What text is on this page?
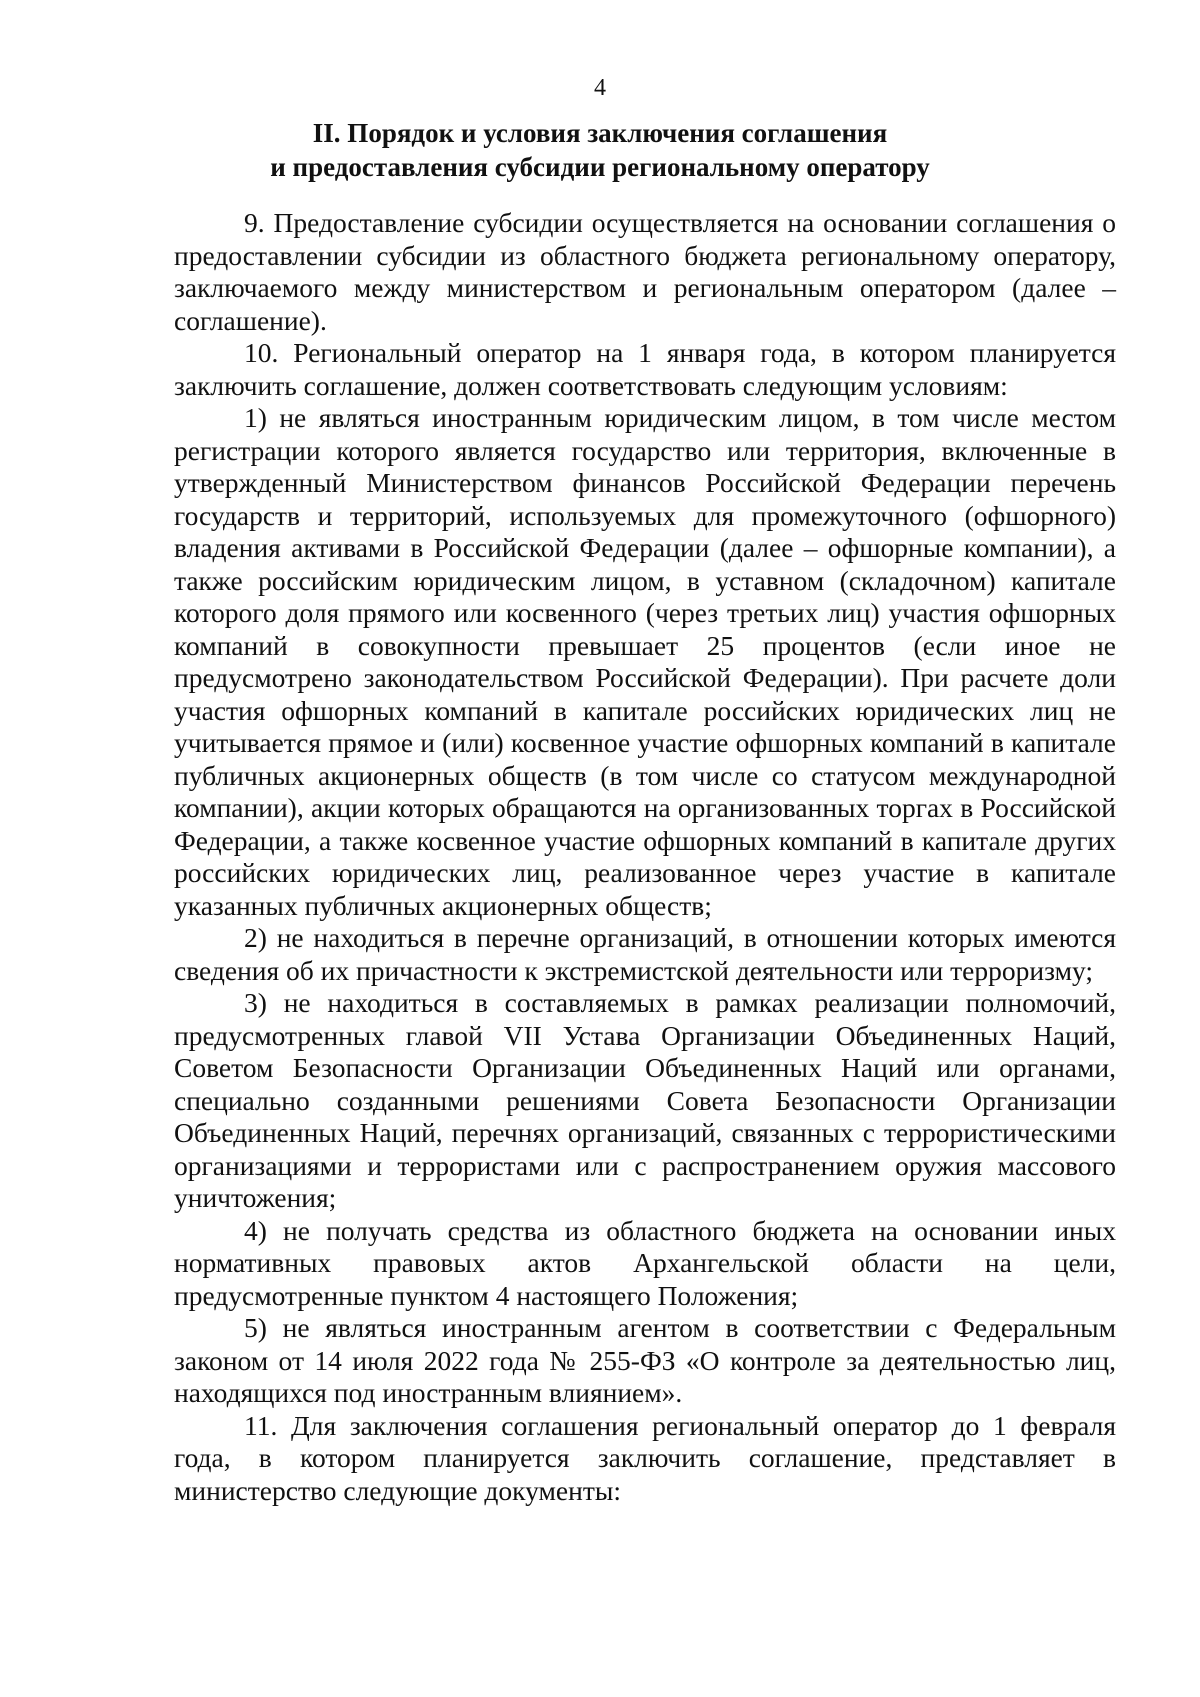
4
II. Порядок и условия заключения соглашения
и предоставления субсидии региональному оператору

9. Предоставление субсидии осуществляется на основании соглашения о предоставлении субсидии из областного бюджета региональному оператору, заключаемого между министерством и региональным оператором (далее – соглашение).

10. Региональный оператор на 1 января года, в котором планируется заключить соглашение, должен соответствовать следующим условиям:

1) не являться иностранным юридическим лицом, в том числе местом регистрации которого является государство или территория, включенные в утвержденный Министерством финансов Российской Федерации перечень государств и территорий, используемых для промежуточного (офшорного) владения активами в Российской Федерации (далее – офшорные компании), а также российским юридическим лицом, в уставном (складочном) капитале которого доля прямого или косвенного (через третьих лиц) участия офшорных компаний в совокупности превышает 25 процентов (если иное не предусмотрено законодательством Российской Федерации). При расчете доли участия офшорных компаний в капитале российских юридических лиц не учитывается прямое и (или) косвенное участие офшорных компаний в капитале публичных акционерных обществ (в том числе со статусом международной компании), акции которых обращаются на организованных торгах в Российской Федерации, а также косвенное участие офшорных компаний в капитале других российских юридических лиц, реализованное через участие в капитале указанных публичных акционерных обществ;

2) не находиться в перечне организаций, в отношении которых имеются сведения об их причастности к экстремистской деятельности или терроризму;

3) не находиться в составляемых в рамках реализации полномочий, предусмотренных главой VII Устава Организации Объединенных Наций, Советом Безопасности Организации Объединенных Наций или органами, специально созданными решениями Совета Безопасности Организации Объединенных Наций, перечнях организаций, связанных с террористическими организациями и террористами или с распространением оружия массового уничтожения;

4) не получать средства из областного бюджета на основании иных нормативных правовых актов Архангельской области на цели, предусмотренные пунктом 4 настоящего Положения;

5) не являться иностранным агентом в соответствии с Федеральным законом от 14 июля 2022 года № 255-ФЗ «О контроле за деятельностью лиц, находящихся под иностранным влиянием».

11. Для заключения соглашения региональный оператор до 1 февраля года, в котором планируется заключить соглашение, представляет в министерство следующие документы:
